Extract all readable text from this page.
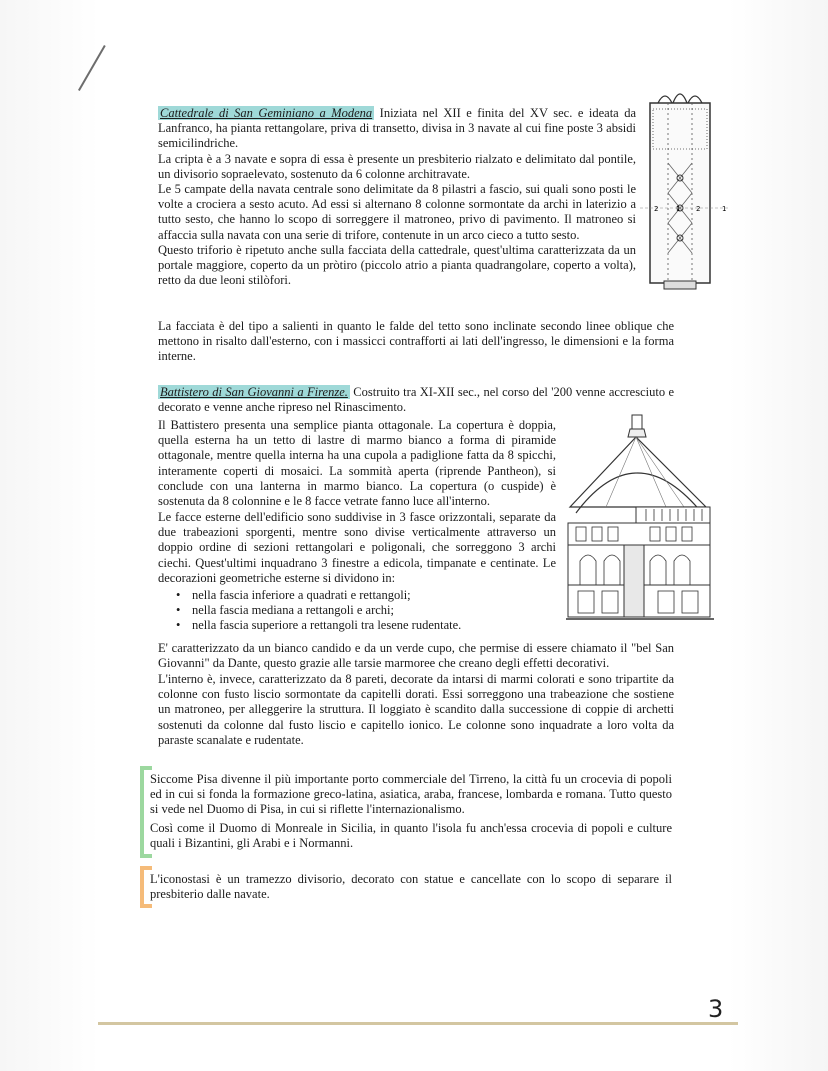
Cattedrale di San Geminiano a Modena Iniziata nel XII e finita del XV sec. e ideata da Lanfranco, ha pianta rettangolare, priva di transetto, divisa in 3 navate al cui fine poste 3 absidi semicilindriche.

La cripta è a 3 navate e sopra di essa è presente un presbiterio rialzato e delimitato dal pontile, un divisorio sopraelevato, sostenuto da 6 colonne architravate.

Le 5 campate della navata centrale sono delimitate da 8 pilastri a fascio, sui quali sono posti le volte a crociera a sesto acuto. Ad essi si alternano 8 colonne sormontate da archi in laterizio a tutto sesto, che hanno lo scopo di sorreggere il matroneo, privo di pavimento. Il matroneo si affaccia sulla navata con una serie di trifore, contenute in un arco cieco a tutto sesto.

Questo triforio è ripetuto anche sulla facciata della cattedrale, quest'ultima caratterizzata da un portale maggiore, coperto da un pròtiro (piccolo atrio a pianta quadrangolare, coperto a volta), retto da due leoni stilòfori.

La facciata è del tipo a salienti in quanto le falde del tetto sono inclinate secondo linee oblique che mettono in risalto dall'esterno, con i massicci contrafforti ai lati dell'ingresso, le dimensioni e la forma interne.

2	1 2	1

Battistero di San Giovanni a Firenze. Costruito tra XI-XII sec., nel corso del '200 venne accresciuto e decorato e venne anche ripreso nel Rinascimento.

Il Battistero presenta una semplice pianta ottagonale. La copertura è doppia, quella esterna ha un tetto di lastre di marmo bianco a forma di piramide ottagonale, mentre quella interna ha una cupola a padiglione fatta da 8 spicchi, interamente coperti di mosaici. La sommità aperta (riprende Pantheon), si conclude con una lanterna in marmo bianco. La copertura (o cuspide) è sostenuta da 8 colonnine e le 8 facce vetrate fanno luce all'interno.

Le facce esterne dell'edificio sono suddivise in 3 fasce orizzontali, separate da due trabeazioni sporgenti, mentre sono divise verticalmente attraverso un doppio ordine di sezioni rettangolari e poligonali, che sorreggono 3 archi ciechi. Quest'ultimi inquadrano 3 finestre a edicola, timpanate e centinate. Le decorazioni geometriche esterne si dividono in:

• nella fascia inferiore a quadrati e rettangoli;
• nella fascia mediana a rettangoli e archi;
• nella fascia superiore a rettangoli tra lesene rudentate.

E' caratterizzato da un bianco candido e da un verde cupo, che permise di essere chiamato il "bel San Giovanni" da Dante, questo grazie alle tarsie marmoree che creano degli effetti decorativi.

L'interno è, invece, caratterizzato da 8 pareti, decorate da intarsi di marmi colorati e sono tripartite da colonne con fusto liscio sormontate da capitelli dorati. Essi sorreggono una trabeazione che sostiene un matroneo, per alleggerire la struttura. Il loggiato è scandito dalla successione di coppie di archetti sostenuti da colonne dal fusto liscio e capitello ionico. Le colonne sono inquadrate a loro volta da paraste scanalate e rudentate.

Siccome Pisa divenne il più importante porto commerciale del Tirreno, la città fu un crocevia di popoli ed in cui si fonda la formazione greco-latina, asiatica, araba, francese, lombarda e romana. Tutto questo si vede nel Duomo di Pisa, in cui si riflette l'internazionalismo.

Così come il Duomo di Monreale in Sicilia, in quanto l'isola fu anch'essa crocevia di popoli e culture quali i Bizantini, gli Arabi e i Normanni.

L'iconostasi è un tramezzo divisorio, decorato con statue e cancellate con lo scopo di separare il presbiterio dalle navate.

3
